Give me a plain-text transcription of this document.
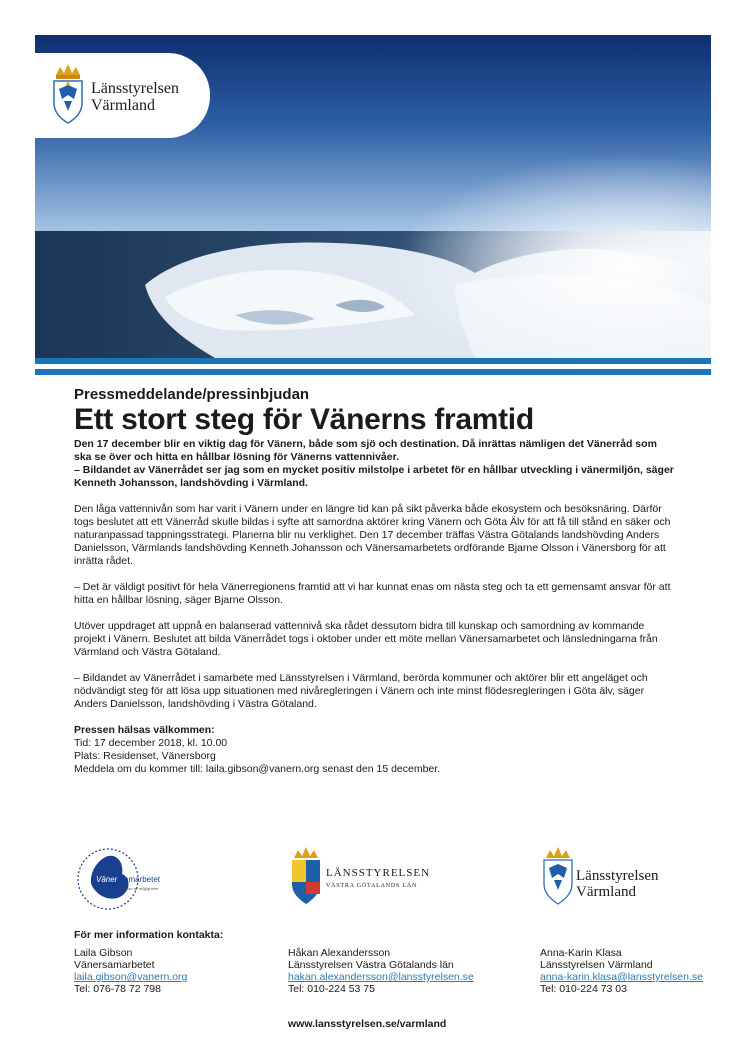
Länsstyrelsen
Värmland

Pressmeddelande/pressinbjudan

Ett stort steg för Vänerns framtid

Den 17 december blir en viktig dag för Vänern, både som sjö och destination. Då inrättas nämligen det Vänerråd som ska se över och hitta en hållbar lösning för Vänerns vattennivåer.
– Bildandet av Vänerrådet ser jag som en mycket positiv milstolpe i arbetet för en hållbar utveckling i vänermiljön, säger Kenneth Johansson, landshövding i Värmland.

Den låga vattennivån som har varit i Vänern under en längre tid kan på sikt påverka både ekosystem och besöksnäring. Därför togs beslutet att ett Vänerråd skulle bildas i syfte att samordna aktörer kring Vänern och Göta Älv för att få till stånd en säker och naturanpassad tappningsstrategi. Planerna blir nu verklighet. Den 17 december träffas Västra Götalands landshövding Anders Danielsson, Värmlands landshövding Kenneth Johansson och Vänersamarbetets ordförande Bjarne Olsson i Vänersborg för att inrätta rådet.

– Det är väldigt positivt för hela Vänerregionens framtid att vi har kunnat enas om nästa steg och ta ett gemensamt ansvar för att hitta en hållbar lösning, säger Bjarne Olsson.

Utöver uppdraget att uppnå en balanserad vattennivå ska rådet dessutom bidra till kunskap och samordning av kommande projekt i Vänern. Beslutet att bilda Vänerrådet togs i oktober under ett möte mellan Vänersamarbetet och länsledningarna från Värmland och Västra Götaland.

– Bildandet av Vänerrådet i samarbete med Länsstyrelsen i Värmland, berörda kommuner och aktörer blir ett angeläget och nödvändigt steg för att lösa upp situationen med nivåregleringen i Vänern och inte minst flödesregleringen i Göta älv, säger Anders Danielsson, landshövding i Västra Götaland.

Pressen hälsas välkommen:

Tid: 17 december 2018, kl. 10.00

Plats: Residenset, Vänersborg

Meddela om du kommer till: laila.gibson@vanern.org senast den 15 december.

Väner samarbetet
Ett hav av möjligheter
LÄNSSTYRELSEN
VÄSTRA GÖTALANDS LÄN
Länsstyrelsen
Värmland
För mer information kontakta:
Laila Gibson
Vänersamarbetet
laila.gibson@vanern.org
Tel: 076-78 72 798
Håkan Alexandersson
Länsstyrelsen Västra Götalands län
hakan.alexandersson@lansstyrelsen.se
Tel: 010-224 53 75
Anna-Karin Klasa
Länsstyrelsen Värmland
anna-karin.klasa@lansstyrelsen.se
Tel: 010-224 73 03
www.lansstyrelsen.se/varmland
